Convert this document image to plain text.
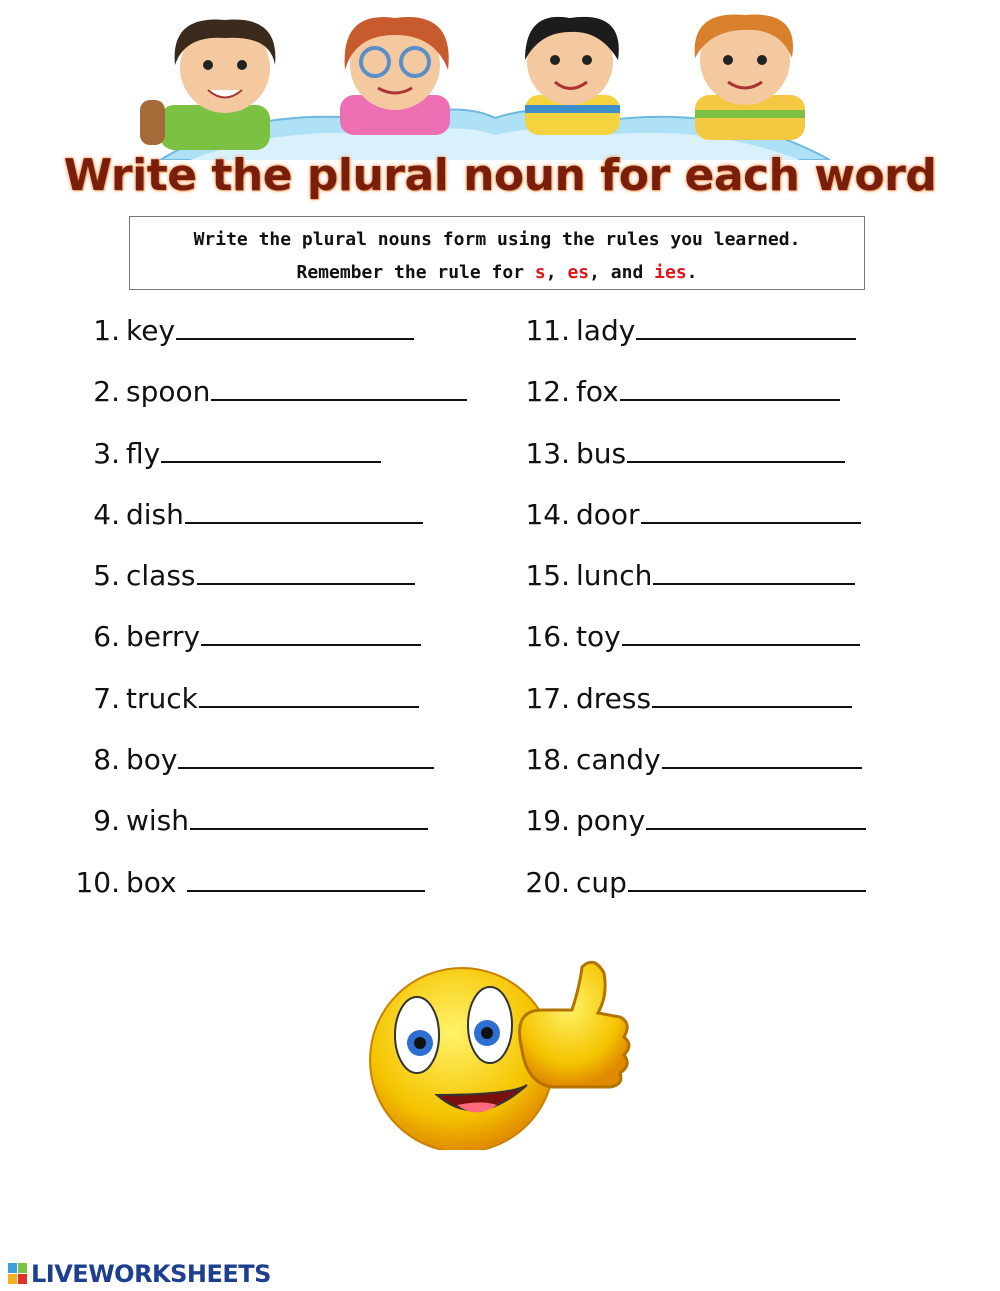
Write the plural noun for each word
Write the plural nouns form using the rules you learned.
Remember the rule for s, es, and ies.
1. key
2. spoon
3. fly
4. dish
5. class
6. berry
7. truck
8. boy
9. wish
10. box
11. lady
12. fox
13. bus
14. door
15. lunch
16. toy
17. dress
18. candy
19. pony
20. cup
LIVEWORKSHEETS
